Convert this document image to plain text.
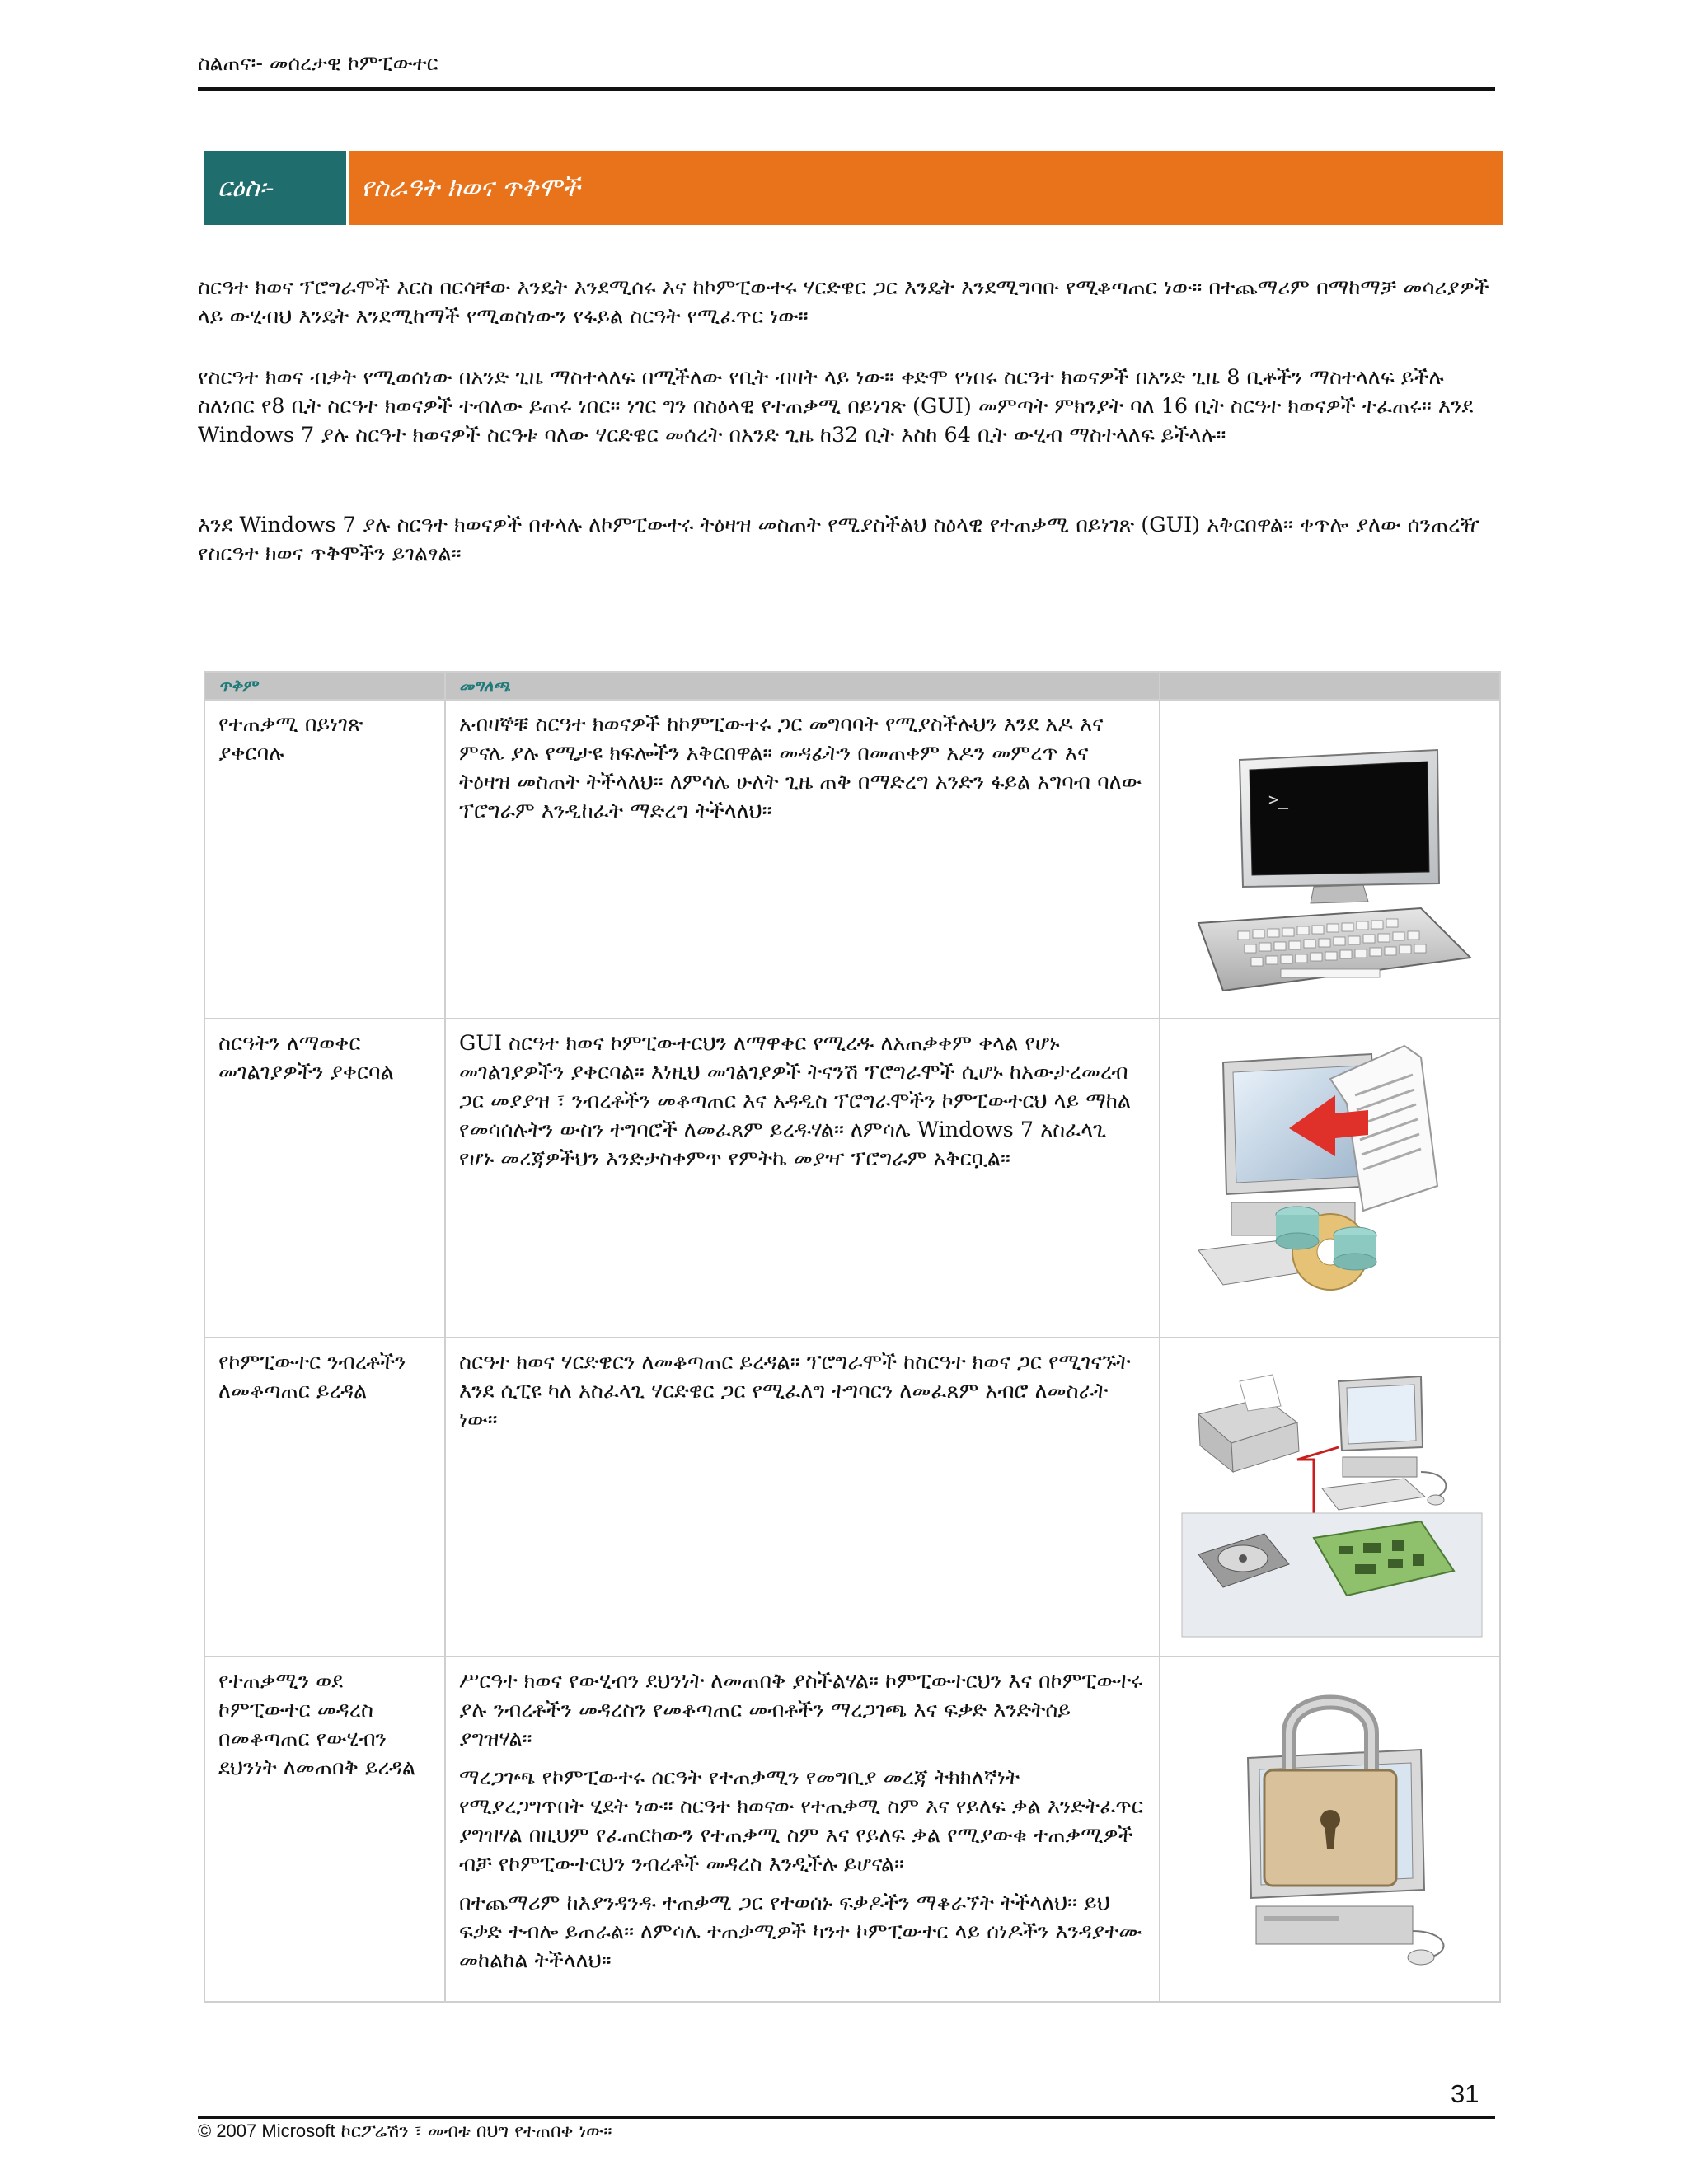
ስልጠና፡- መሰረታዊ ኮምፒውተር
ርዕስ፡-	የስራዓት ክወና ጥቅሞች

ስርዓተ ክወና ፕሮግራሞች እርስ በርሳቸው እንዴት እንደሚሰሩ እና ከኮምፒውተሩ ሃርድዌር ጋር እንዴት እንደሚግባቡ የሚቆጣጠር ነው። በተጨማሪም በማከማቻ መሳሪያዎች ላይ ውሂብህ እንዴት እንደሚከማች የሚወስነውን የፋይል ስርዓት የሚፈጥር ነው።

የስርዓተ ክወና ብቃት የሚወሰነው በአንድ ጊዜ ማስተላለፍ በሚችለው የቢት ብዛት ላይ ነው። ቀድሞ የነበሩ ስርዓተ ክወናዎች በአንድ ጊዜ 8 ቢቶችን ማስተላለፍ ይችሉ ስለነበር የ8 ቢት ስርዓተ ክወናዎች ተብለው ይጠሩ ነበር። ነገር ግን በስዕላዊ የተጠቃሚ በይነገጽ (GUI) መምጣት ምክንያት ባለ 16 ቢት ስርዓተ ክወናዎች ተፈጠሩ። እንደ Windows 7 ያሉ ስርዓተ ክወናዎች ስርዓቱ ባለው ሃርድዌር መሰረት በአንድ ጊዜ ከ32 ቢት እስከ 64 ቢት ውሂብ ማስተላለፍ ይችላሉ።

እንደ Windows 7 ያሉ ስርዓተ ክወናዎች በቀላሉ ለኮምፒውተሩ ትዕዛዝ መስጠት የሚያስችልህ ስዕላዊ የተጠቃሚ በይነገጽ (GUI) አቅርበዋል። ቀጥሎ ያለው ሰንጠረዥ የስርዓተ ክወና ጥቅሞችን ይገልፃል።

ጥቅም	መግለጫ	
የተጠቃሚ በይነገጽ ያቀርባሉ	አብዛኞቹ ስርዓተ ክወናዎች ከኮምፒውተሩ ጋር መግባባት የሚያስችሉህን እንደ አዶ እና ምናሌ ያሉ የሚታዩ ክፍሎችን አቅርበዋል። መዳፊትን በመጠቀም አዶን መምረጥ እና ትዕዛዝ መስጠት ትችላለህ። ለምሳሌ ሁለት ጊዜ ጠቅ በማድረግ አንድን ፋይል አግባብ ባለው ፕሮግራም እንዲከፈት ማድረግ ትችላለህ።	>_

ስርዓትን ለማወቀር መገልገያዎችን ያቀርባል	GUI ስርዓተ ክወና ኮምፒውተርህን ለማዋቀር የሚረዱ ለአጠቃቀም ቀላል የሆኑ መገልገያዎችን ያቀርባል። እነዚህ መገልገያዎች ትናንሽ ፕሮግራሞች ሲሆኑ ከአውታረመረብ ጋር መያያዝ ፣ ንብረቶችን መቆጣጠር እና አዳዲስ ፕሮግራሞችን ኮምፒውተርህ ላይ ማከል የመሳሰሉትን ውስን ተግባሮች ለመፈጸም ይረዱሃል። ለምሳሌ Windows 7 አስፈላጊ የሆኑ መረጃዎችህን እንድታስቀምጥ የምትኬ መያዣ ፕሮግራም አቅርቧል።

የኮምፒውተር ንብረቶችን ለመቆጣጠር ይረዳል	ስርዓተ ክወና ሃርድዌርን ለመቆጣጠር ይረዳል። ፕሮግራሞች ከስርዓተ ክወና ጋር የሚገናኙት እንደ ሲፒዩ ካለ አስፈላጊ ሃርድዌር ጋር የሚፈለግ ተግባርን ለመፈጸም አብሮ ለመስራት ነው።

የተጠቃሚን ወደ ኮምፒውተር መዳረስ በመቆጣጠር የውሂብን ደህንነት ለመጠበቅ ይረዳል	ሥርዓተ ክወና የውሂብን ደህንነት ለመጠበቅ ያስችልሃል። ኮምፒውተርህን እና በኮምፒውተሩ ያሉ ንብረቶችን መዳረስን የመቆጣጠር መብቶችን ማረጋገጫ እና ፍቃድ እንድትሰይ ያግዝሃል።

ማረጋገጫ የኮምፒውተሩ ሰርዓት የተጠቃሚን የመግቢያ መረጃ ትክክለኛነት የሚያረጋግጥበት ሂደት ነው። ስርዓተ ክወናው የተጠቃሚ ስም እና የይለፍ ቃል እንድትፈጥር ያግዝሃል በዚህም የፈጠርከውን የተጠቃሚ ስም እና የይለፍ ቃል የሚያውቁ ተጠቃሚዎች ብቻ የኮምፒውተርህን ንብረቶች መዳረስ እንዲችሉ ይሆናል።

በተጨማሪም ከእያንዳንዱ ተጠቃሚ ጋር የተወሰኑ ፍቃዶችን ማቆራኘት ትችላለህ። ይህ ፍቃድ ተብሎ ይጠራል። ለምሳሌ ተጠቃሚዎች ካንተ ኮምፒውተር ላይ ሰነዶችን እንዳያተሙ መከልከል ትችላለህ።

31
© 2007 Microsoft ኮርፖሬሽን ፣ መብቱ በህግ የተጠበቀ ነው።
